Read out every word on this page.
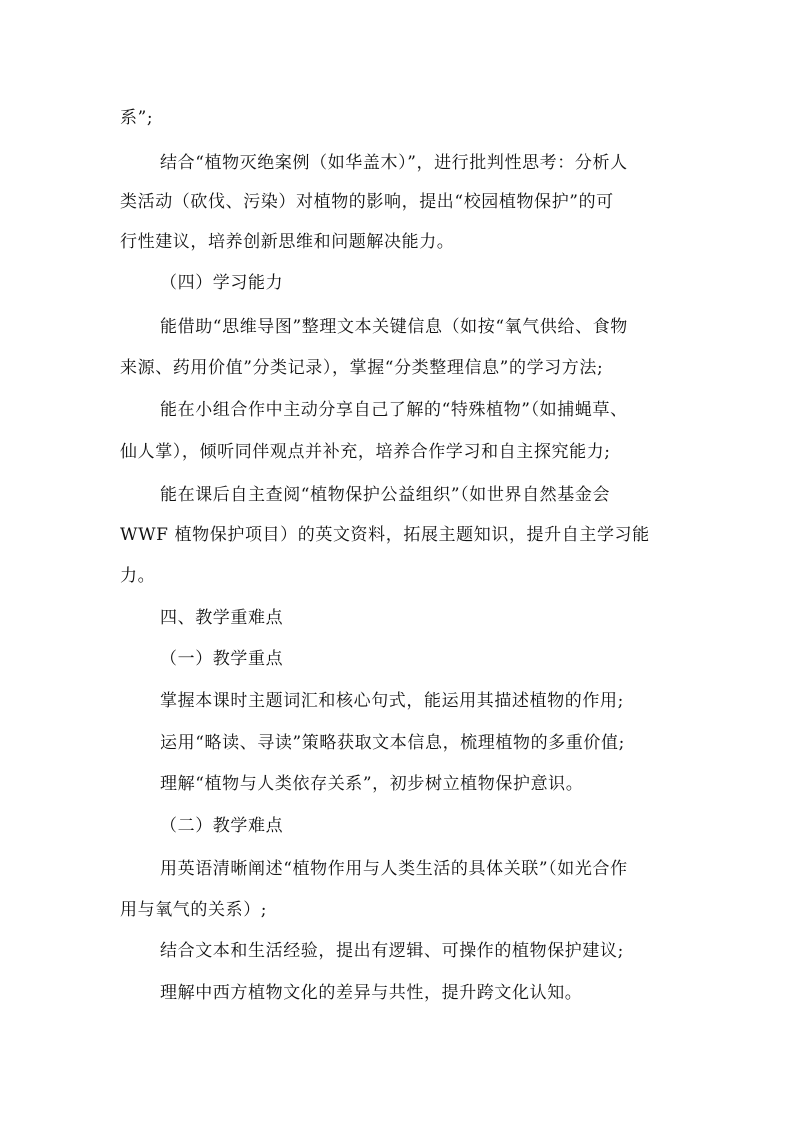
系”;
结合“植物灭绝案例（如华盖木）”，进行批判性思考：分析人
类活动（砍伐、污染）对植物的影响，提出“校园植物保护”的可
行性建议，培养创新思维和问题解决能力。
（四）学习能力
能借助“思维导图”整理文本关键信息（如按“氧气供给、食物
来源、药用价值”分类记录），掌握“分类整理信息”的学习方法;
能在小组合作中主动分享自己了解的“特殊植物”（如捕蝇草、
仙人掌），倾听同伴观点并补充，培养合作学习和自主探究能力;
能在课后自主查阅“植物保护公益组织”（如世界自然基金会
WWF 植物保护项目）的英文资料，拓展主题知识，提升自主学习能
力。
四、教学重难点
（一）教学重点
掌握本课时主题词汇和核心句式，能运用其描述植物的作用;
运用“略读、寻读”策略获取文本信息，梳理植物的多重价值;
理解“植物与人类依存关系”，初步树立植物保护意识。
（二）教学难点
用英语清晰阐述“植物作用与人类生活的具体关联”（如光合作
用与氧气的关系）;
结合文本和生活经验，提出有逻辑、可操作的植物保护建议;
理解中西方植物文化的差异与共性，提升跨文化认知。
